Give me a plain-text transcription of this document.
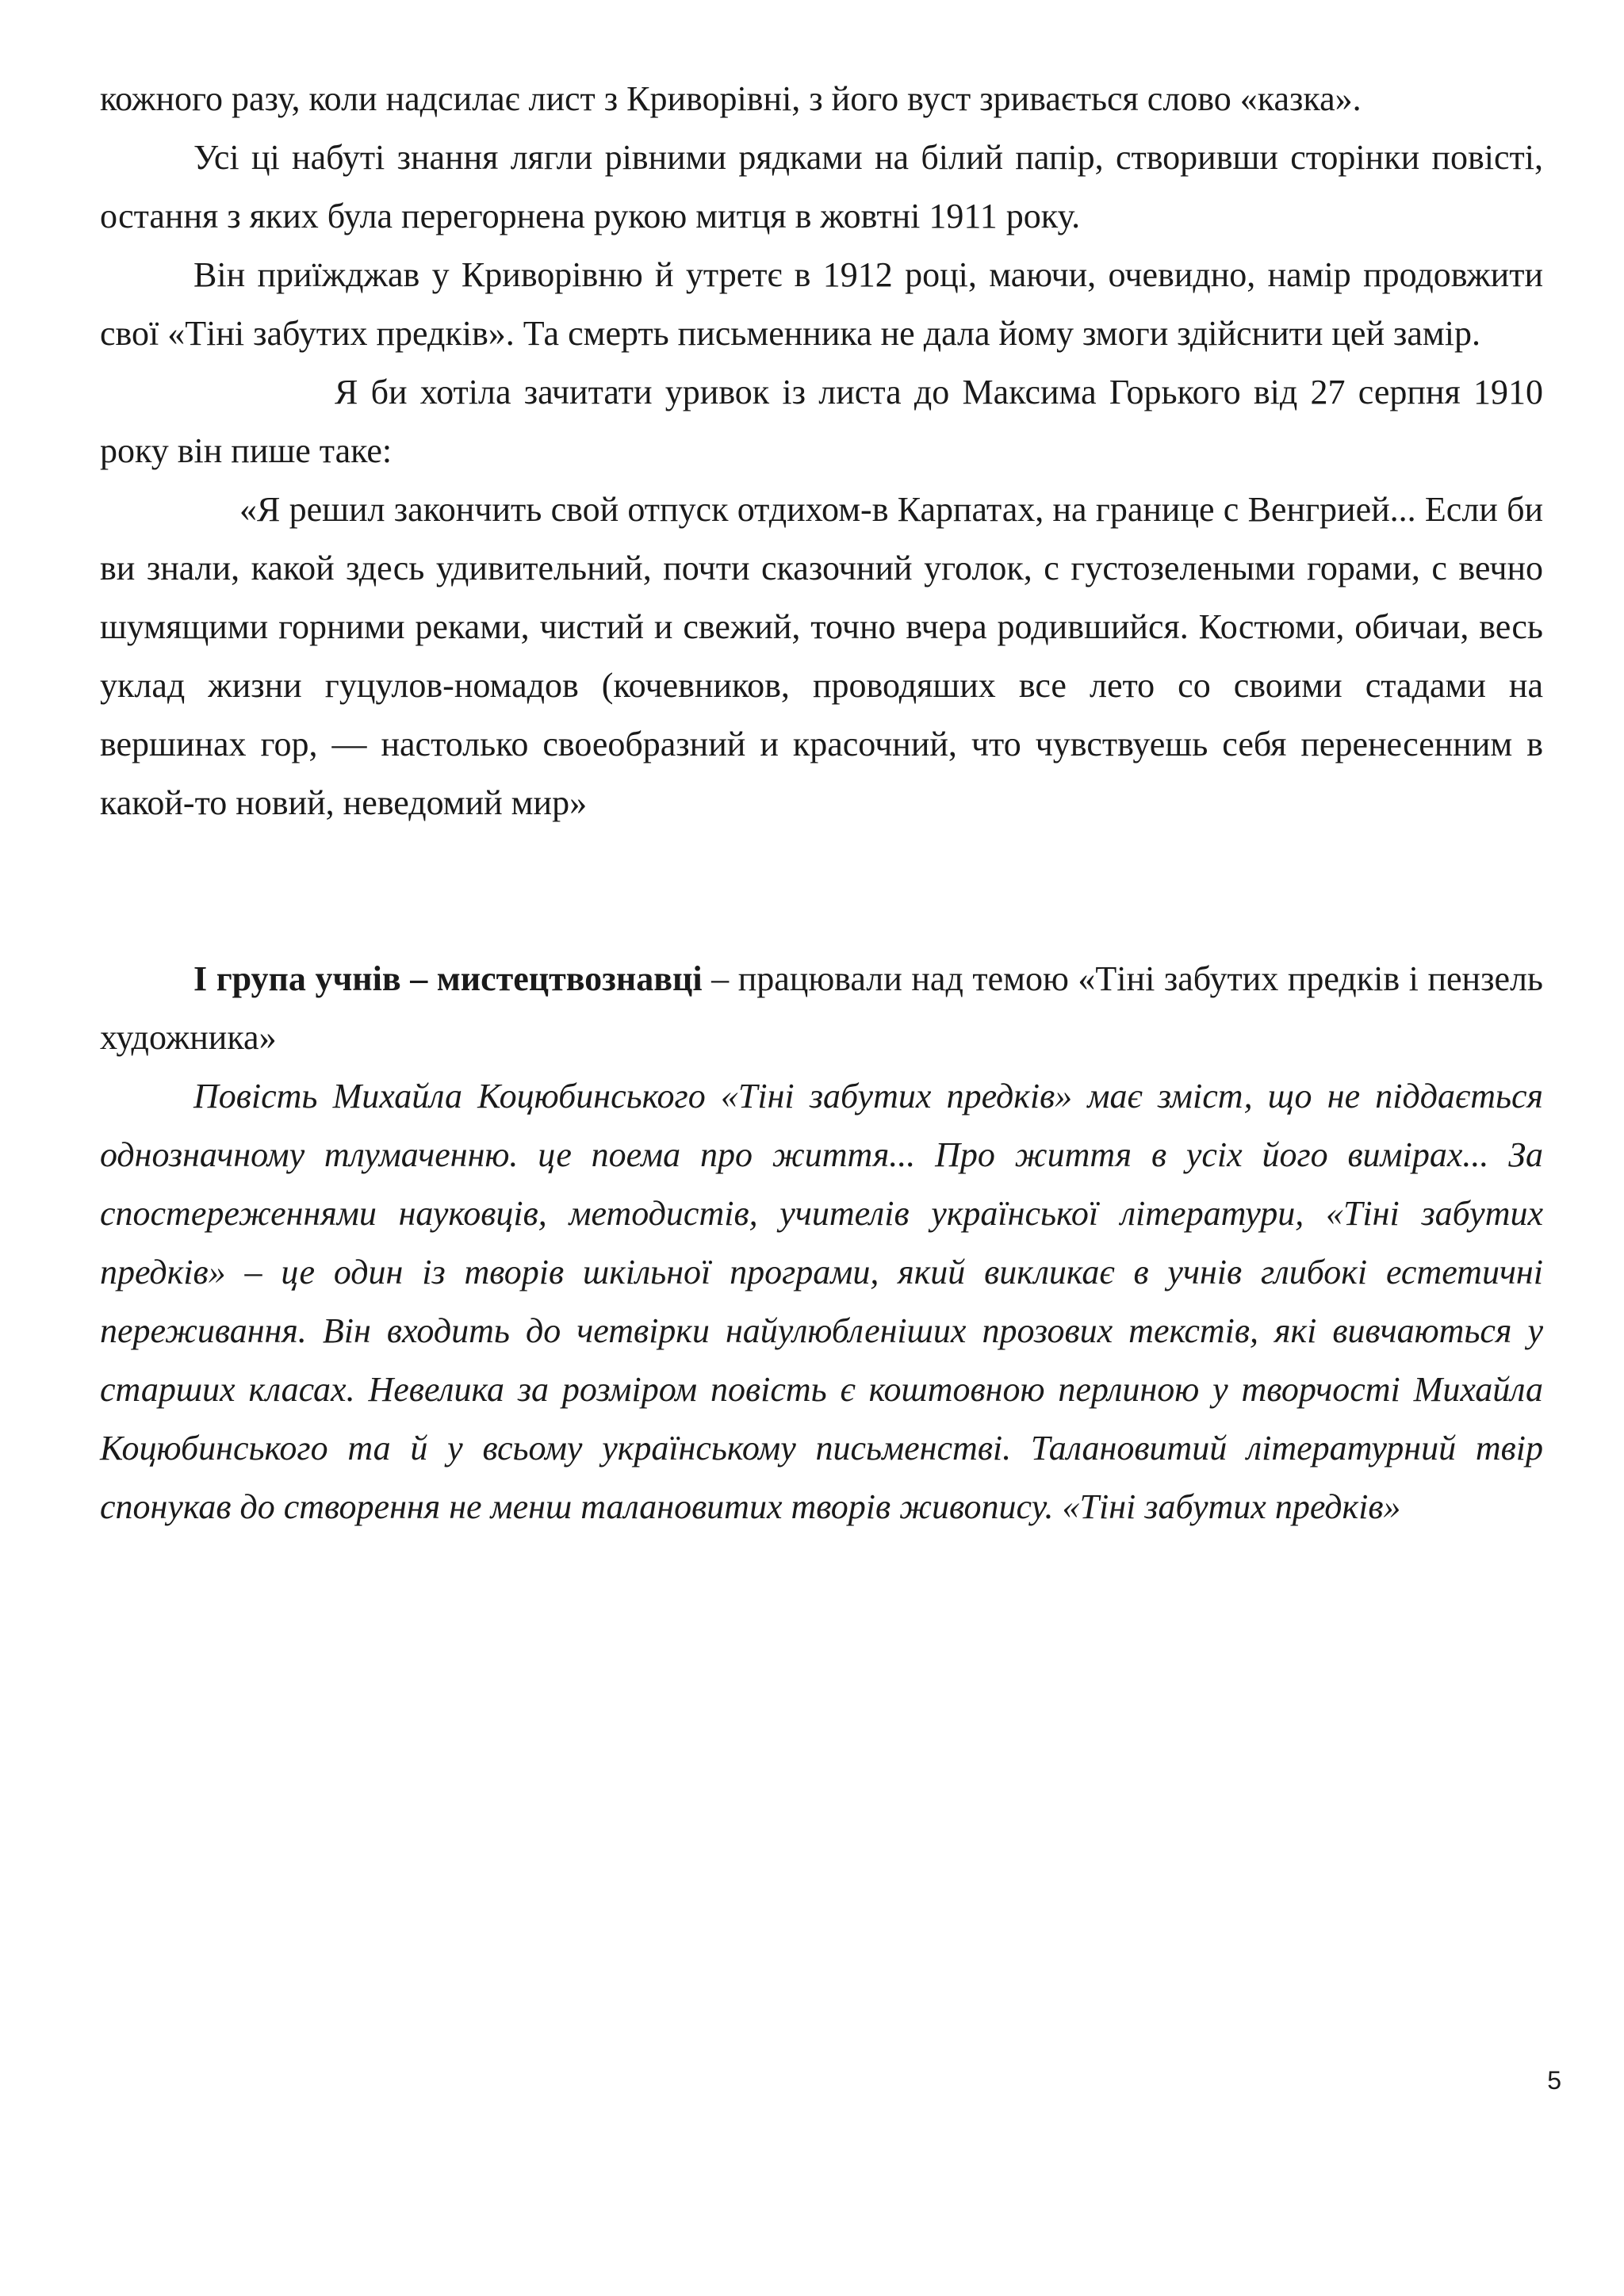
кожного разу, коли надсилає лист з Криворівні, з його вуст зривається слово «казка».

Усі ці набуті знання лягли рівними рядками на білий папір, створивши сторінки повісті, остання з яких була перегорнена рукою митця в жовтні 1911 року.

Він приїжджав у Криворівню й утретє в 1912 році, маючи, очевидно, намір продовжити свої «Тіні забутих предків». Та смерть письменника не дала йому змоги здійснити цей замір.

Я би хотіла зачитати уривок із листа до Максима Горького від 27 серпня 1910 року він пише таке:

«Я решил закончить свой отпуск отдихом-в Карпатах, на границе с Венгрией... Если би ви знали, какой здесь удивительний, почти сказочний уголок, с густозелеными горами, с вечно шумящими горними реками, чистий и свежий, точно вчера родившийся. Костюми, обичаи, весь уклад жизни гуцулов-номадов (кочевников, проводяших все лето со своими стадами на вершинах гор, — настолько своеобразний и красочний, что чувствуешь себя перенесенним в какой-то новий, неведомий мир»

І група учнів – мистецтвознавці – працювали над темою «Тіні забутих предків і пензель художника»

Повість Михайла Коцюбинського «Тіні забутих предків» має зміст, що не піддається однозначному тлумаченню. це поема про життя... Про життя в усіх його вимірах... За спостереженнями науковців, методистів, учителів української літератури, «Тіні забутих предків» – це один із творів шкільної програми, який викликає в учнів глибокі естетичні переживання. Він входить до четвірки найулюбленіших прозових текстів, які вивчаються у старших класах. Невелика за розміром повість є коштовною перлиною у творчості Михайла Коцюбинського та й у всьому українському письменстві. Талановитий літературний твір спонукав до створення не менш талановитих творів живопису. «Тіні забутих предків»

5
